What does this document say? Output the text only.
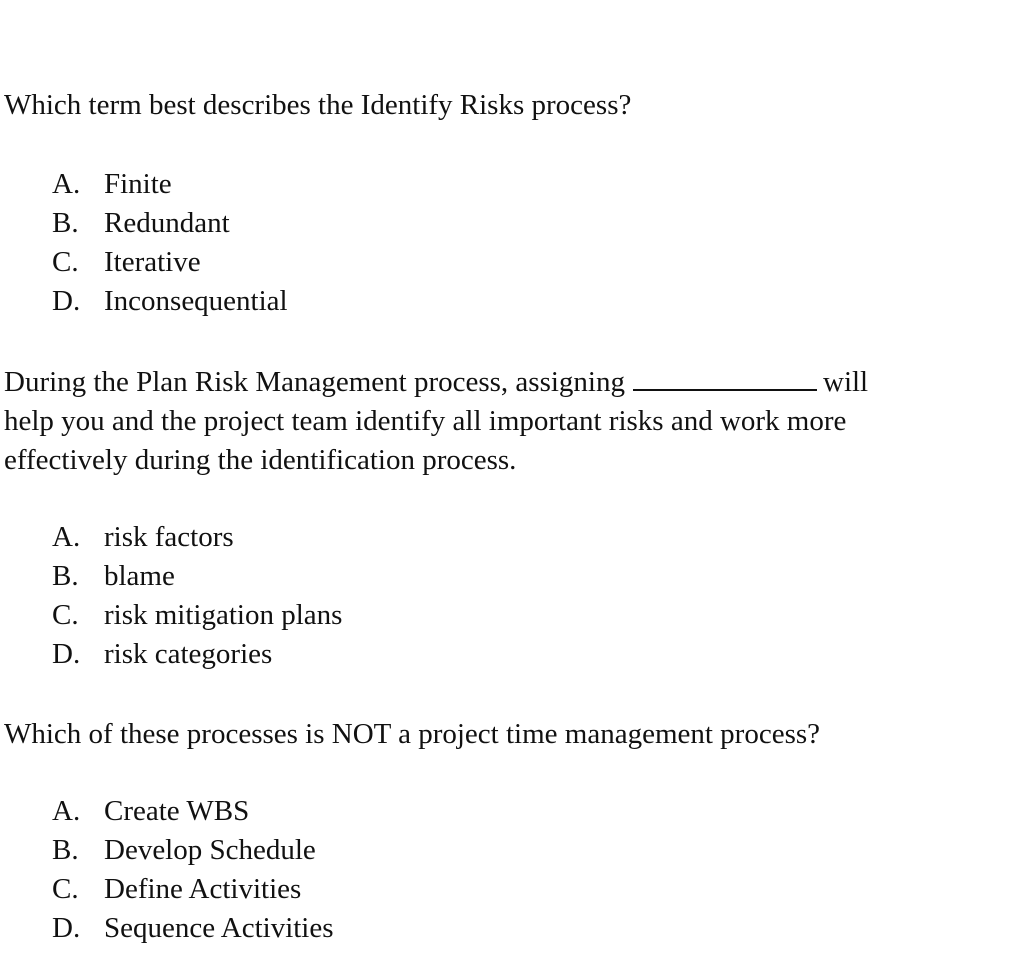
Which term best describes the Identify Risks process?

A. Finite
B. Redundant
C. Iterative
D. Inconsequential

During the Plan Risk Management process, assigning	will
help you and the project team identify all important risks and work more
effectively during the identification process.

A. risk factors
B. blame
C. risk mitigation plans
D. risk categories

Which of these processes is NOT a project time management process?

A. Create WBS
B. Develop Schedule
C. Define Activities
D. Sequence Activities
